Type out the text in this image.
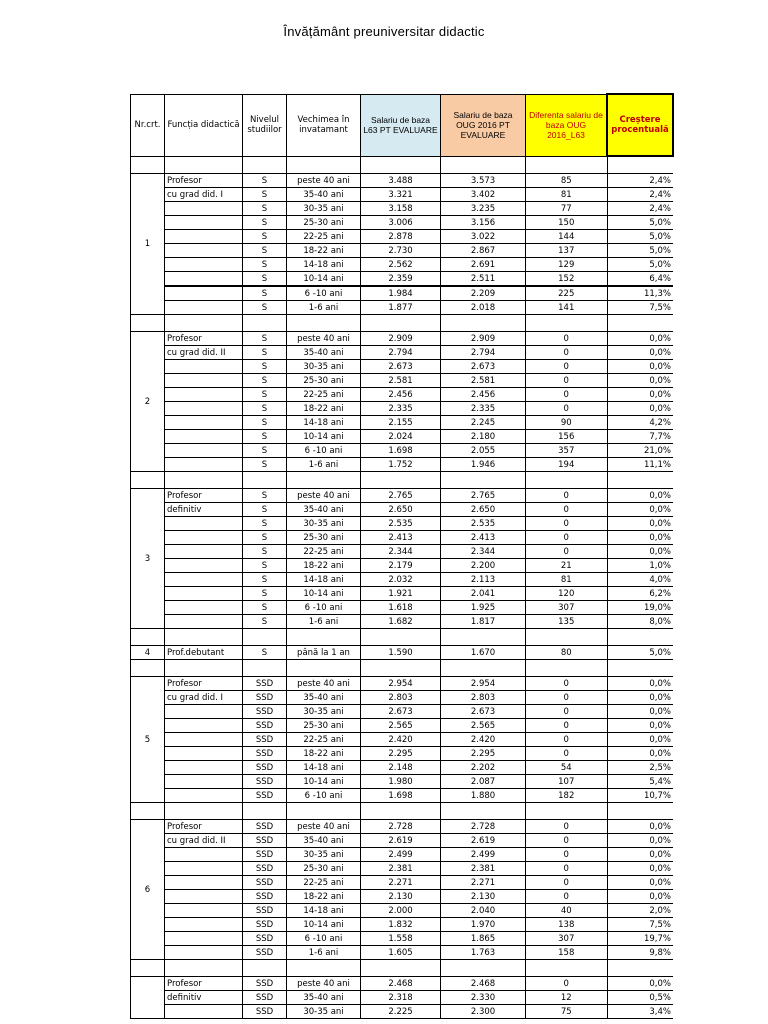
Învățământ preuniversitar didactic
Nr.crt.	Funcția didactică	Nivelul studiilor	Vechimea în invatamant	Salariu de baza L63 PT EVALUARE	Salariu de baza OUG 2016 PT EVALUARE	Diferenta salariu de baza OUG 2016_L63	Creștere procentuală

1	Profesor	S	peste 40 ani	3.488	3.573	85	2,4%
	cu grad did. I	S	35-40 ani	3.321	3.402	81	2,4%
		S	30-35 ani	3.158	3.235	77	2,4%
		S	25-30 ani	3.006	3.156	150	5,0%
		S	22-25 ani	2.878	3.022	144	5,0%
		S	18-22 ani	2.730	2.867	137	5,0%
		S	14-18 ani	2.562	2.691	129	5,0%
		S	10-14 ani	2.359	2.511	152	6,4%
		S	6 -10 ani	1.984	2.209	225	11,3%
		S	1-6 ani	1.877	2.018	141	7,5%

2	Profesor	S	peste 40 ani	2.909	2.909	0	0,0%
	cu grad did. II	S	35-40 ani	2.794	2.794	0	0,0%
		S	30-35 ani	2.673	2.673	0	0,0%
		S	25-30 ani	2.581	2.581	0	0,0%
		S	22-25 ani	2.456	2.456	0	0,0%
		S	18-22 ani	2.335	2.335	0	0,0%
		S	14-18 ani	2.155	2.245	90	4,2%
		S	10-14 ani	2.024	2.180	156	7,7%
		S	6 -10 ani	1.698	2.055	357	21,0%
		S	1-6 ani	1.752	1.946	194	11,1%

3	Profesor	S	peste 40 ani	2.765	2.765	0	0,0%
	definitiv	S	35-40 ani	2.650	2.650	0	0,0%
		S	30-35 ani	2.535	2.535	0	0,0%
		S	25-30 ani	2.413	2.413	0	0,0%
		S	22-25 ani	2.344	2.344	0	0,0%
		S	18-22 ani	2.179	2.200	21	1,0%
		S	14-18 ani	2.032	2.113	81	4,0%
		S	10-14 ani	1.921	2.041	120	6,2%
		S	6 -10 ani	1.618	1.925	307	19,0%
		S	1-6 ani	1.682	1.817	135	8,0%

4	Prof.debutant	S	până la 1 an	1.590	1.670	80	5,0%

5	Profesor	SSD	peste 40 ani	2.954	2.954	0	0,0%
	cu grad did. I	SSD	35-40 ani	2.803	2.803	0	0,0%
		SSD	30-35 ani	2.673	2.673	0	0,0%
		SSD	25-30 ani	2.565	2.565	0	0,0%
		SSD	22-25 ani	2.420	2.420	0	0,0%
		SSD	18-22 ani	2.295	2.295	0	0,0%
		SSD	14-18 ani	2.148	2.202	54	2,5%
		SSD	10-14 ani	1.980	2.087	107	5,4%
		SSD	6 -10 ani	1.698	1.880	182	10,7%

6	Profesor	SSD	peste 40 ani	2.728	2.728	0	0,0%
	cu grad did. II	SSD	35-40 ani	2.619	2.619	0	0,0%
		SSD	30-35 ani	2.499	2.499	0	0,0%
		SSD	25-30 ani	2.381	2.381	0	0,0%
		SSD	22-25 ani	2.271	2.271	0	0,0%
		SSD	18-22 ani	2.130	2.130	0	0,0%
		SSD	14-18 ani	2.000	2.040	40	2,0%
		SSD	10-14 ani	1.832	1.970	138	7,5%
		SSD	6 -10 ani	1.558	1.865	307	19,7%
		SSD	1-6 ani	1.605	1.763	158	9,8%

	Profesor	SSD	peste 40 ani	2.468	2.468	0	0,0%
	definitiv	SSD	35-40 ani	2.318	2.330	12	0,5%
		SSD	30-35 ani	2.225	2.300	75	3,4%
